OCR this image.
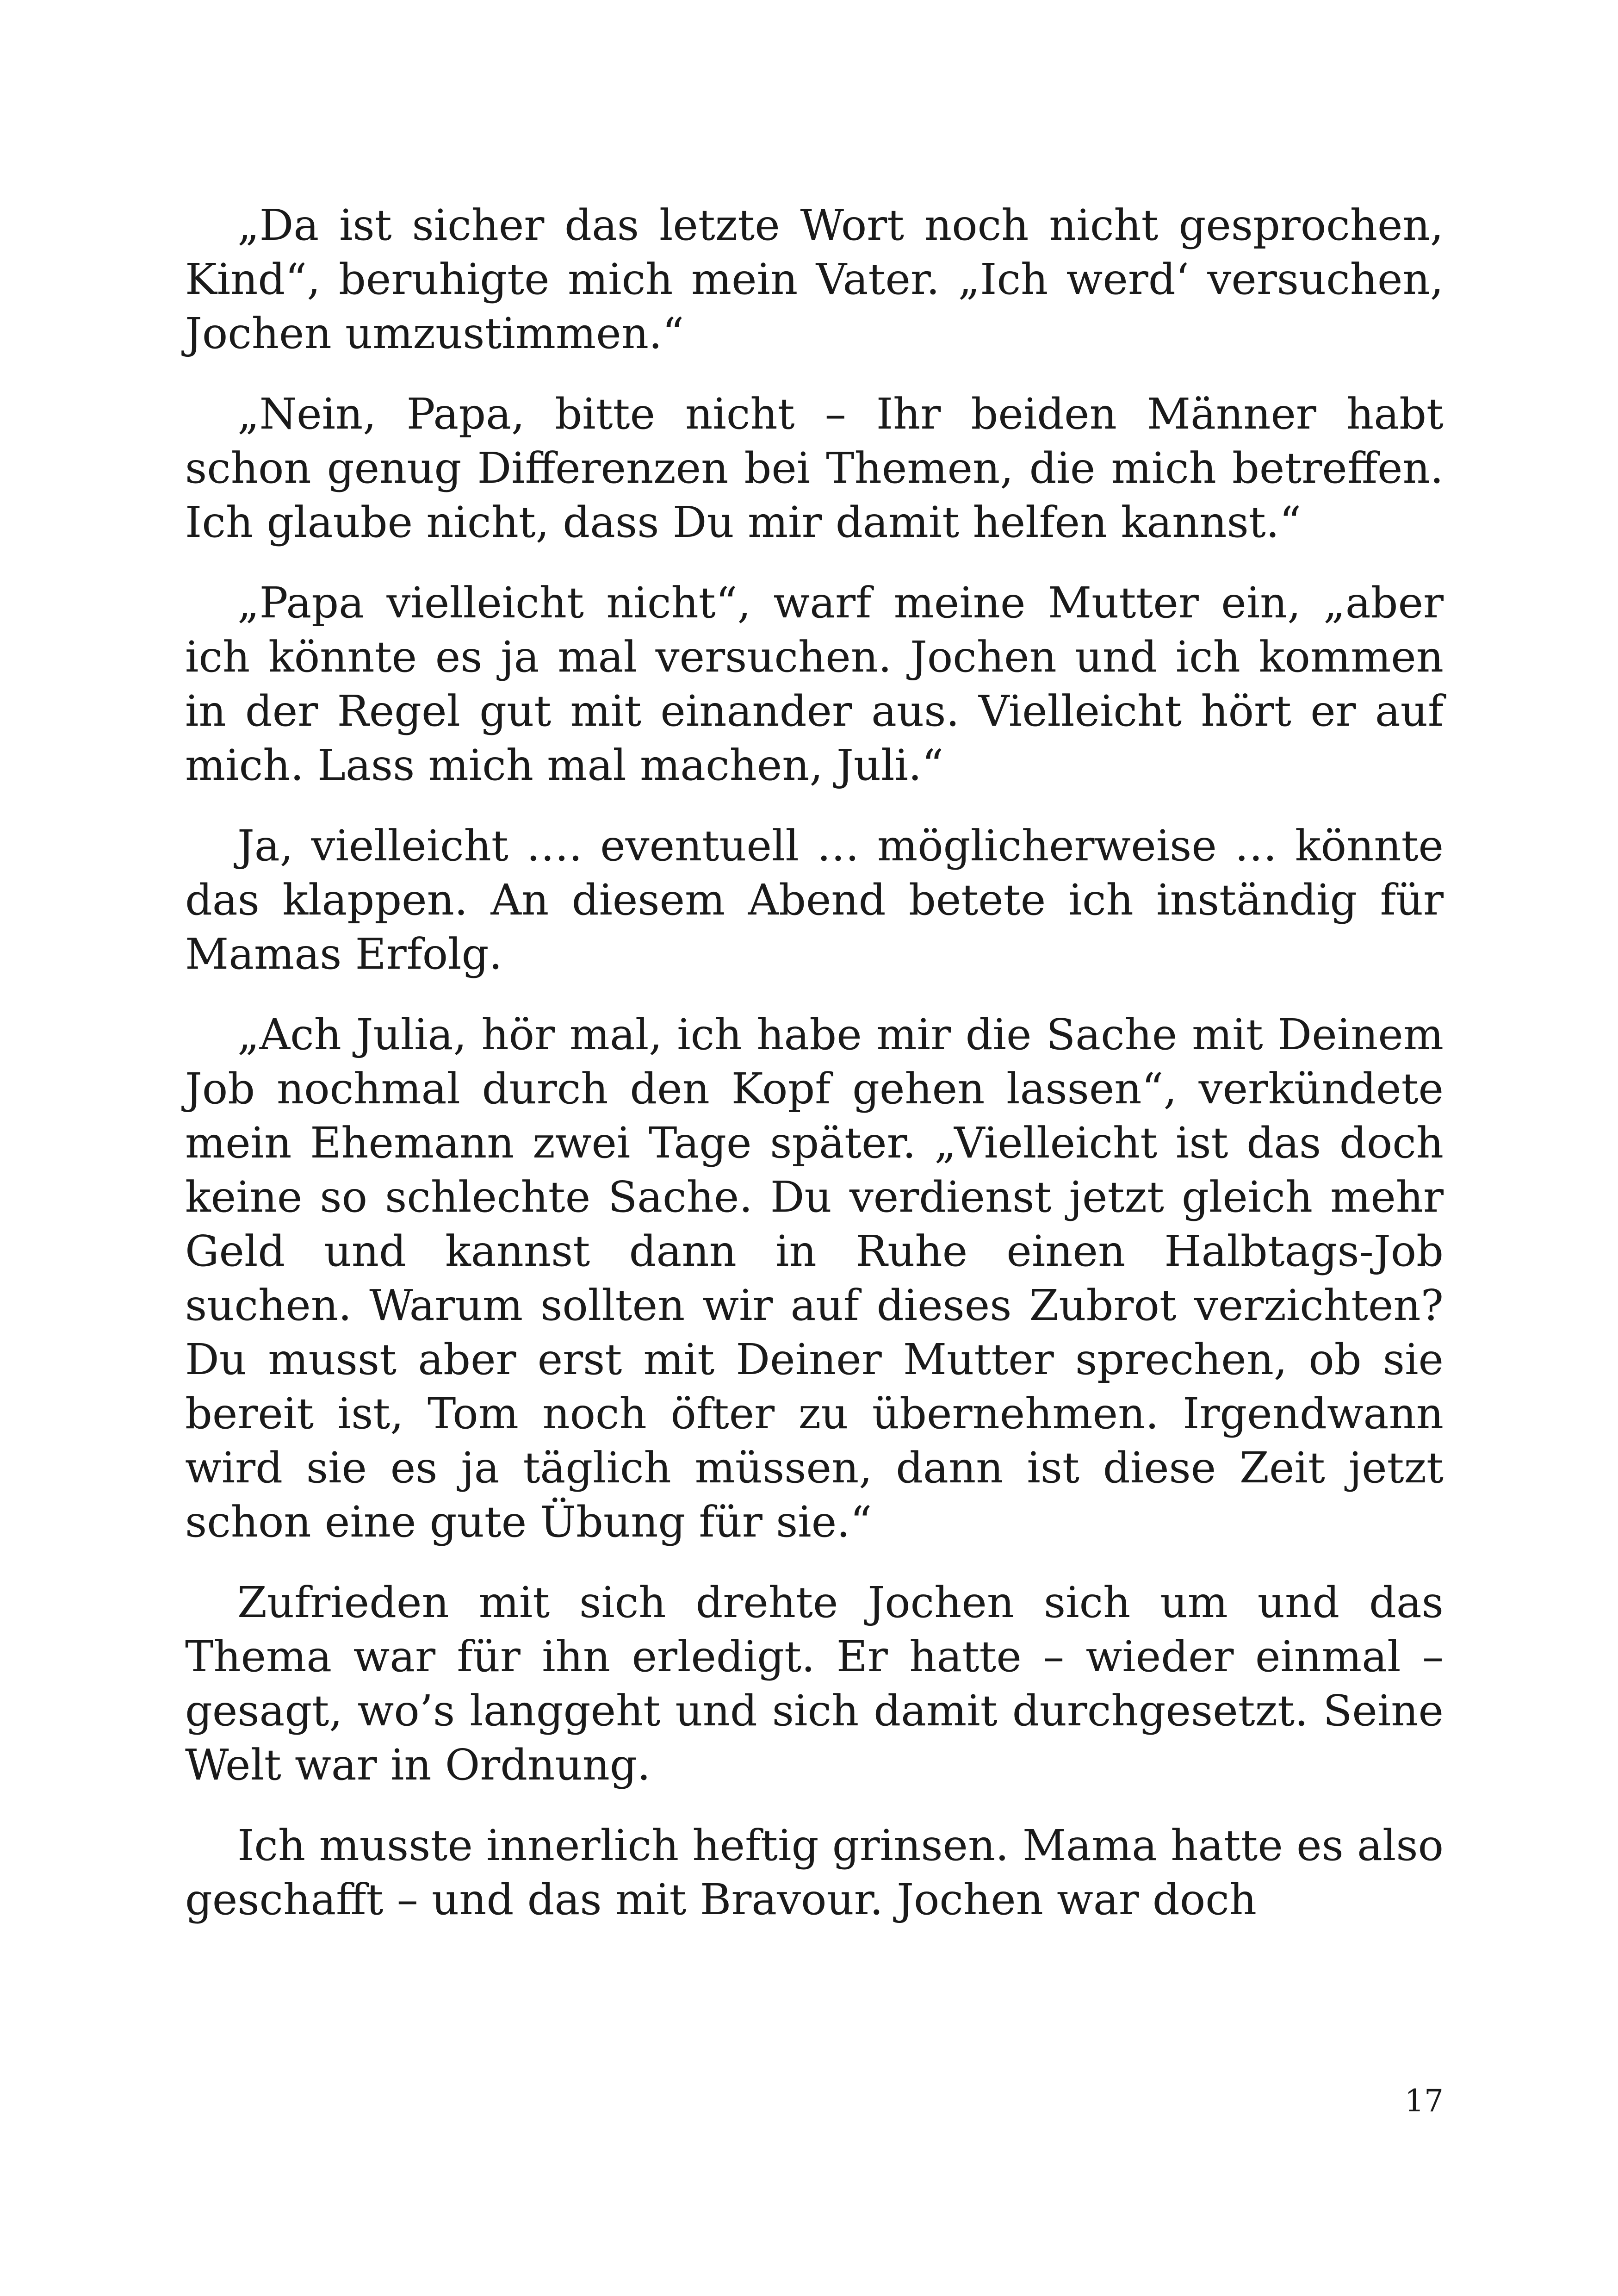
„Da ist sicher das letzte Wort noch nicht gesprochen, Kind“, beruhigte mich mein Vater. „Ich werd‘ versuchen, Jochen umzustimmen.“

„Nein, Papa, bitte nicht – Ihr beiden Männer habt schon genug Differenzen bei Themen, die mich betreffen. Ich glaube nicht, dass Du mir damit helfen kannst.“

„Papa vielleicht nicht“, warf meine Mutter ein, „aber ich könnte es ja mal versuchen. Jochen und ich kommen in der Regel gut mit einander aus. Vielleicht hört er auf mich. Lass mich mal machen, Juli.“

Ja, vielleicht …. eventuell … möglicherweise … könnte das klappen. An diesem Abend betete ich inständig für Mamas Erfolg.

„Ach Julia, hör mal, ich habe mir die Sache mit Deinem Job nochmal durch den Kopf gehen lassen“, verkündete mein Ehemann zwei Tage später. „Vielleicht ist das doch keine so schlechte Sache. Du verdienst jetzt gleich mehr Geld und kannst dann in Ruhe einen Halbtags-Job suchen. Warum sollten wir auf dieses Zubrot verzichten? Du musst aber erst mit Deiner Mutter sprechen, ob sie bereit ist, Tom noch öfter zu übernehmen. Irgendwann wird sie es ja täglich müssen, dann ist diese Zeit jetzt schon eine gute Übung für sie.“

Zufrieden mit sich drehte Jochen sich um und das Thema war für ihn erledigt. Er hatte – wieder einmal – gesagt, wo’s langgeht und sich damit durchgesetzt. Seine Welt war in Ordnung.

Ich musste innerlich heftig grinsen. Mama hatte es also geschafft – und das mit Bravour. Jochen war doch

17
